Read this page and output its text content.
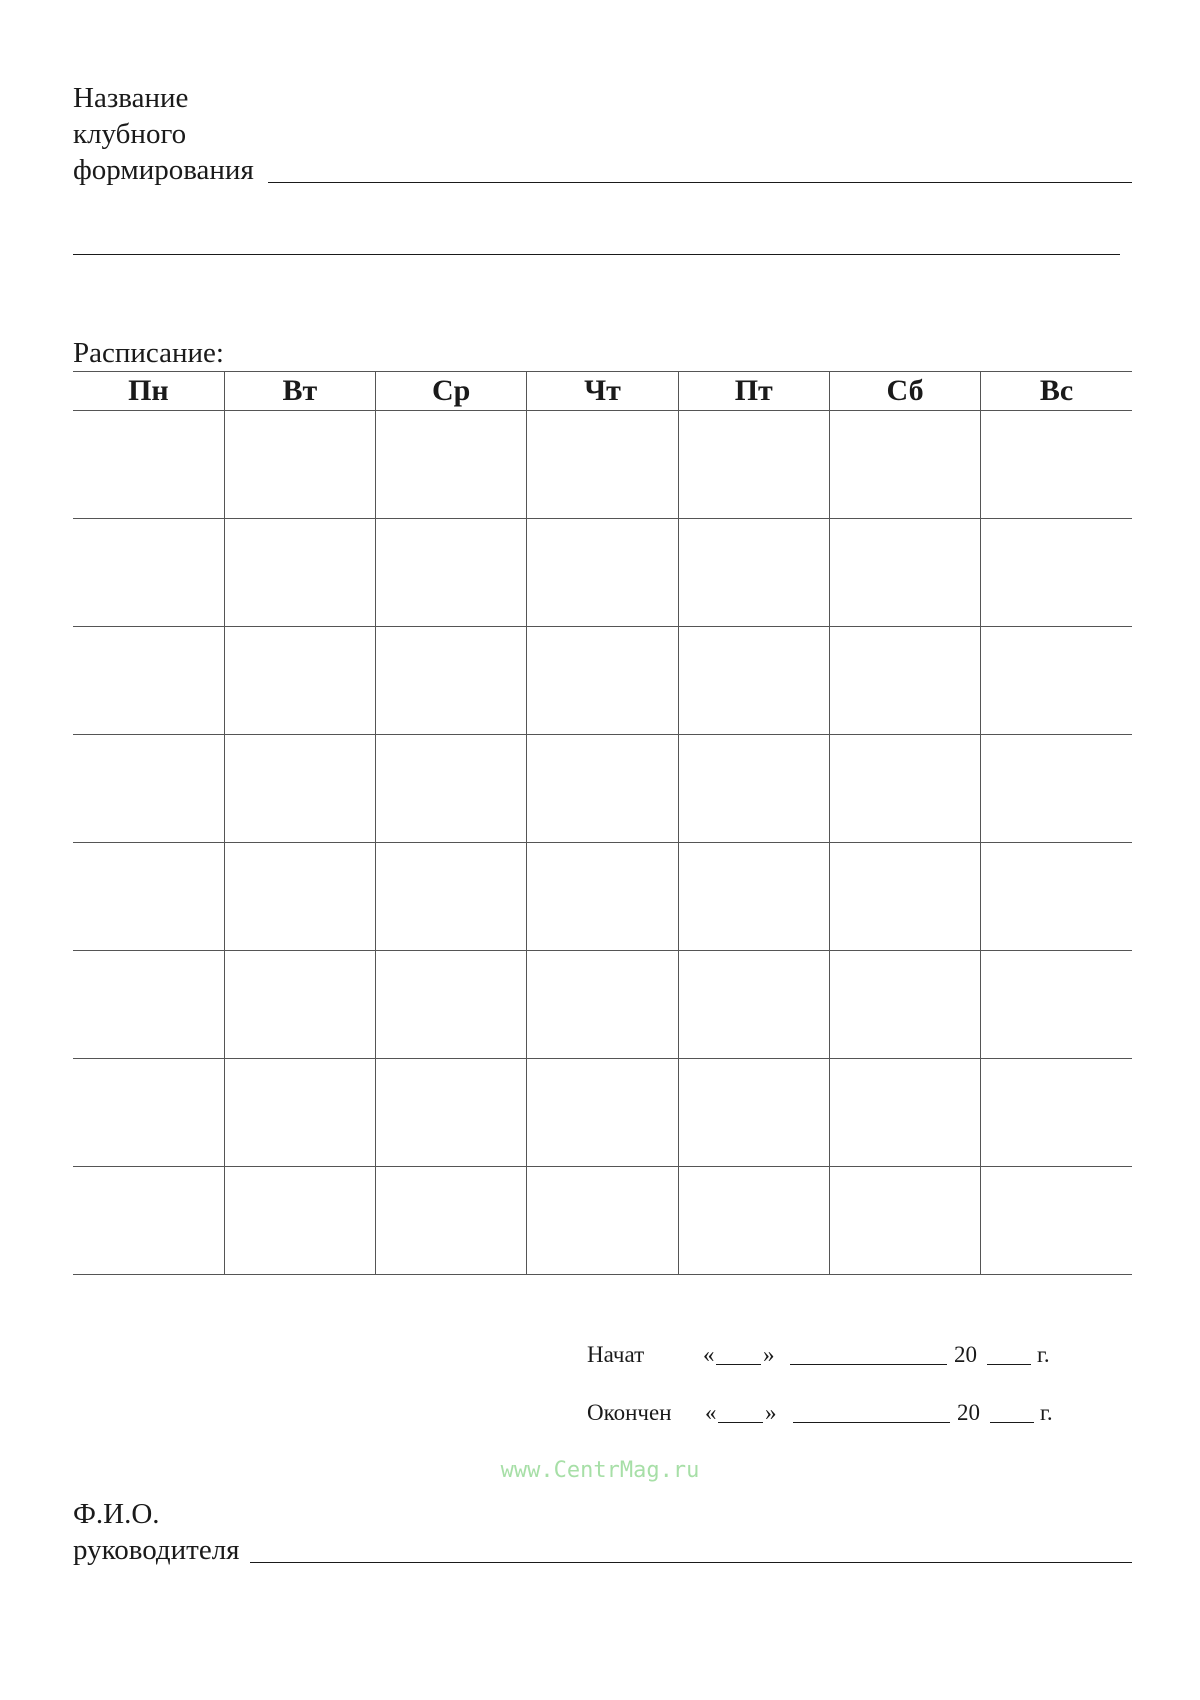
Название
клубного
формирования
Расписание:
Пн	Вт	Ср	Чт	Пт	Сб	Вс

Начат	« »	20	г.
Окончен « »	20	г.
www.CentrMag.ru
Ф.И.О.
руководителя
